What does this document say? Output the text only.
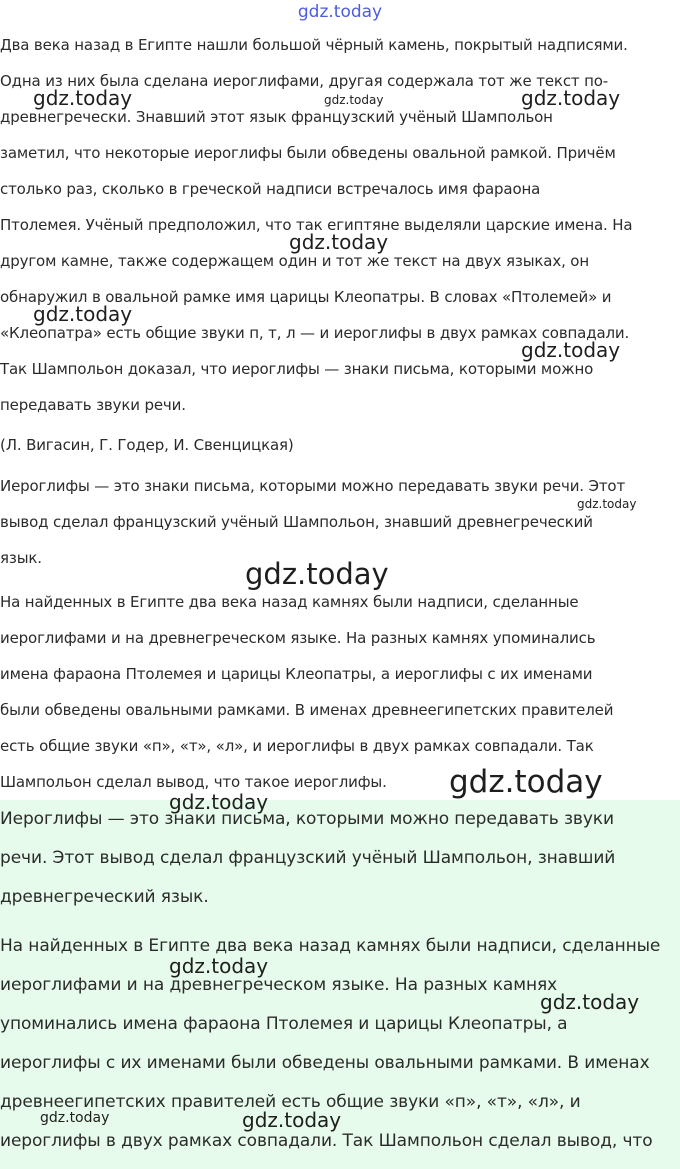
gdz.today

Два века назад в Египте нашли большой чёрный камень, покрытый надписями.
Одна из них была сделана иероглифами, другая содержала тот же текст по-
древнегречески. Знавший этот язык французский учёный Шампольон
заметил, что некоторые иероглифы были обведены овальной рамкой. Причём
столько раз, сколько в греческой надписи встречалось имя фараона
Птолемея. Учёный предположил, что так египтяне выделяли царские имена. На
другом камне, также содержащем один и тот же текст на двух языках, он
обнаружил в овальной рамке имя царицы Клеопатры. В словах «Птолемей» и
«Клеопатра» есть общие звуки п, т, л — и иероглифы в двух рамках совпадали.
Так Шампольон доказал, что иероглифы — знаки письма, которыми можно
передавать звуки речи.

(Л. Вигасин, Г. Годер, И. Свенцицкая)

Иероглифы — это знаки письма, которыми можно передавать звуки речи. Этот
вывод сделал французский учёный Шампольон, знавший древнегреческий
язык.

На найденных в Египте два века назад камнях были надписи, сделанные
иероглифами и на древнегреческом языке. На разных камнях упоминались
имена фараона Птолемея и царицы Клеопатры, а иероглифы с их именами
были обведены овальными рамками. В именах древнеегипетских правителей
есть общие звуки «п», «т», «л», и иероглифы в двух рамках совпадали. Так
Шампольон сделал вывод, что такое иероглифы.

Иероглифы — это знаки письма, которыми можно передавать звуки
речи. Этот вывод сделал французский учёный Шампольон, знавший
древнегреческий язык.

На найденных в Египте два века назад камнях были надписи, сделанные
иероглифами и на древнегреческом языке. На разных камнях
упоминались имена фараона Птолемея и царицы Клеопатры, а
иероглифы с их именами были обведены овальными рамками. В именах
древнеегипетских правителей есть общие звуки «п», «т», «л», и
иероглифы в двух рамках совпадали. Так Шампольон сделал вывод, что

gdz.today	gdz.today	gdz.today
gdz.today
gdz.today
gdz.today
gdz.today
gdz.today
gdz.today
gdz.today
gdz.today
gdz.today
gdz.today	gdz.today
